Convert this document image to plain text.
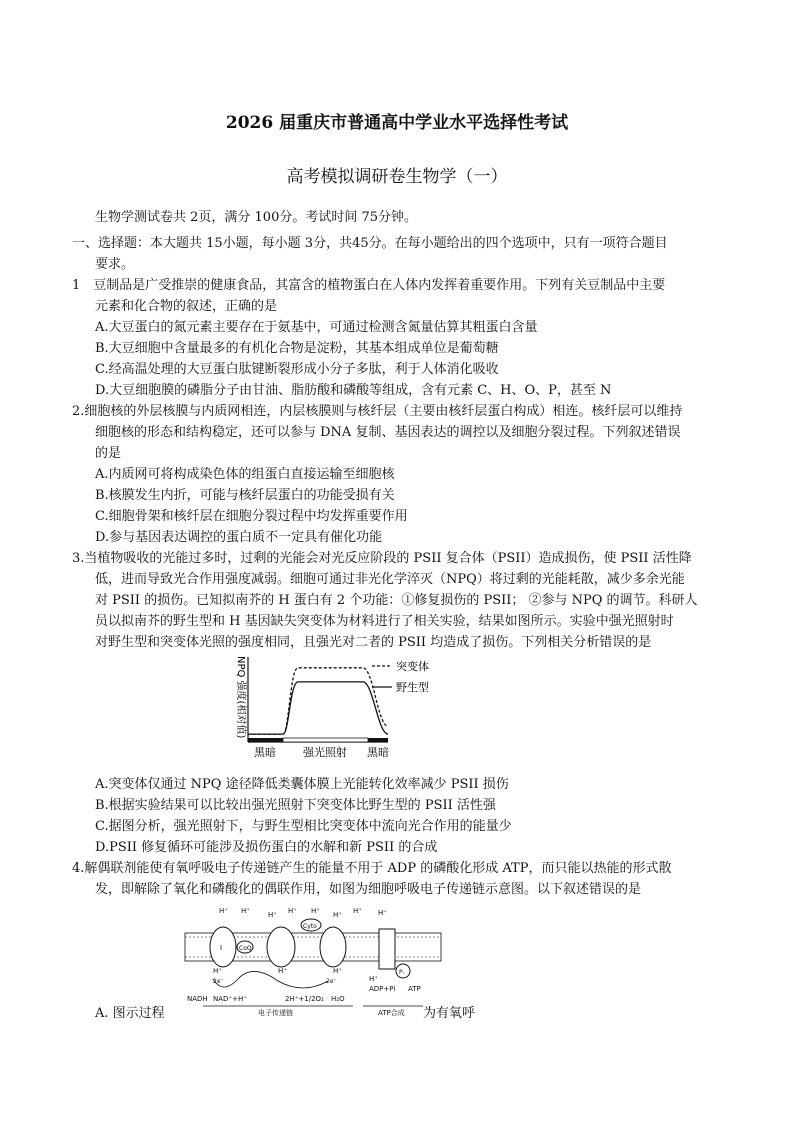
2026 届重庆市普通高中学业水平选择性考试
高考模拟调研卷生物学（一）
生物学测试卷共 2页，满分 100分。考试时间 75分钟。
一、选择题：本大题共 15小题，每小题 3分，共45分。在每小题给出的四个选项中，只有一项符合题目
要求。
1　豆制品是广受推崇的健康食品，其富含的植物蛋白在人体内发挥着重要作用。下列有关豆制品中主要
元素和化合物的叙述，正确的是
A.大豆蛋白的氮元素主要存在于氨基中，可通过检测含氮量估算其粗蛋白含量
B.大豆细胞中含量最多的有机化合物是淀粉，其基本组成单位是葡萄糖
C.经高温处理的大豆蛋白肽键断裂形成小分子多肽，利于人体消化吸收
D.大豆细胞膜的磷脂分子由甘油、脂肪酸和磷酸等组成，含有元素 C、H、O、P，甚至 N
2.细胞核的外层核膜与内质网相连，内层核膜则与核纤层（主要由核纤层蛋白构成）相连。核纤层可以维持
细胞核的形态和结构稳定，还可以参与 DNA 复制、基因表达的调控以及细胞分裂过程。下列叙述错误
的是
A.内质网可将构成染色体的组蛋白直接运输至细胞核
B.核膜发生内折，可能与核纤层蛋白的功能受损有关
C.细胞骨架和核纤层在细胞分裂过程中均发挥重要作用
D.参与基因表达调控的蛋白质不一定具有催化功能
3.当植物吸收的光能过多时，过剩的光能会对光反应阶段的 PSII 复合体（PSII）造成损伤，使 PSII 活性降
低，进而导致光合作用强度减弱。细胞可通过非光化学淬灭（NPQ）将过剩的光能耗散，减少多余光能
对 PSII 的损伤。已知拟南芥的 H 蛋白有 2 个功能：①修复损伤的 PSII； ②参与 NPQ 的调节。科研人
员以拟南芥的野生型和 H 基因缺失突变体为材料进行了相关实验，结果如图所示。实验中强光照射时
对野生型和突变体光照的强度相同，且强光对二者的 PSII 均造成了损伤。下列相关分析错误的是
NPQ 强度(相对值)	突变体
野生型
黑暗 强光照射 黑暗
A.突变体仅通过 NPQ 途径降低类囊体膜上光能转化效率减少 PSII 损伤
B.根据实验结果可以比较出强光照射下突变体比野生型的 PSII 活性强
C.据图分析，强光照射下，与野生型相比突变体中流向光合作用的能量少
D.PSII 修复循环可能涉及损伤蛋白的水解和新 PSII 的合成
4.解偶联剂能使有氧呼吸电子传递链产生的能量不用于 ADP 的磷酸化形成 ATP，而只能以热能的形式散
发，即解除了氧化和磷酸化的偶联作用，如图为细胞呼吸电子传递链示意图。以下叙述错误的是
Ⅰ	CoQ
Cyto
Pᵢ
H⁺ H⁺	H⁺ H⁺ H⁺ H⁺ H⁺ H⁺
H⁺	H⁺	H⁺
H⁺
2e⁻	2e⁻
NADH NAD⁺+H⁺	2H⁺+1/2O₂ H₂O
ADP+Pi ATP
电子传递链	ATP合成
A. 图示过程	为有氧呼
